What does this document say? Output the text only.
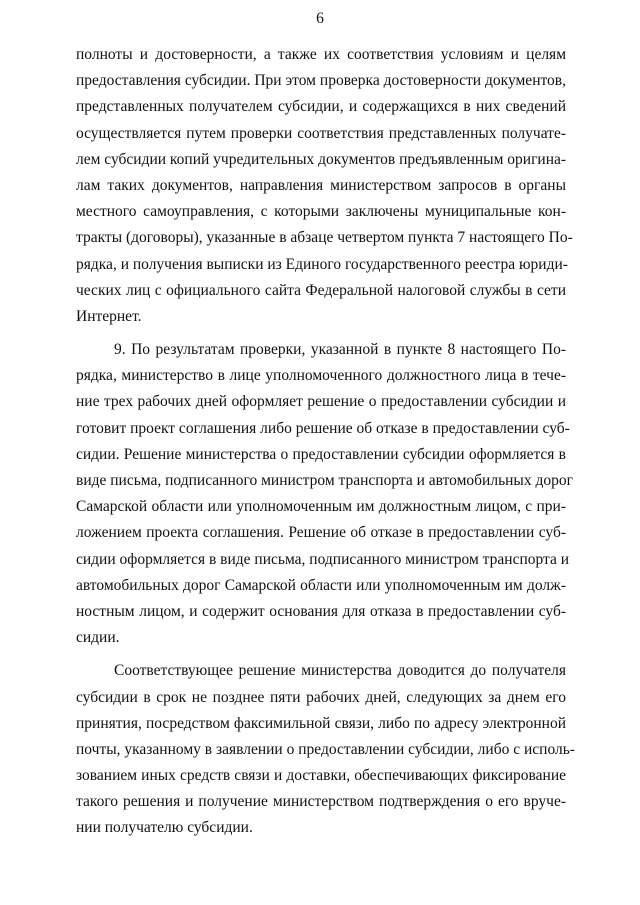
6
полноты и достоверности, а также их соответствия условиям и целям
предоставления субсидии. При этом проверка достоверности документов,
представленных получателем субсидии, и содержащихся в них сведений
осуществляется путем проверки соответствия представленных получате-
лем субсидии копий учредительных документов предъявленным оригина-
лам таких документов, направления министерством запросов в органы
местного самоуправления, с которыми заключены муниципальные кон-
тракты (договоры), указанные в абзаце четвертом пункта 7 настоящего По-
рядка, и получения выписки из Единого государственного реестра юриди-
ческих лиц с официального сайта Федеральной налоговой службы в сети
Интернет.
9. По результатам проверки, указанной в пункте 8 настоящего По-
рядка, министерство в лице уполномоченного должностного лица в тече-
ние трех рабочих дней оформляет решение о предоставлении субсидии и
готовит проект соглашения либо решение об отказе в предоставлении суб-
сидии. Решение министерства о предоставлении субсидии оформляется в
виде письма, подписанного министром транспорта и автомобильных дорог
Самарской области или уполномоченным им должностным лицом, с при-
ложением проекта соглашения. Решение об отказе в предоставлении суб-
сидии оформляется в виде письма, подписанного министром транспорта и
автомобильных дорог Самарской области или уполномоченным им долж-
ностным лицом, и содержит основания для отказа в предоставлении суб-
сидии.
Соответствующее решение министерства доводится до получателя
субсидии в срок не позднее пяти рабочих дней, следующих за днем его
принятия, посредством факсимильной связи, либо по адресу электронной
почты, указанному в заявлении о предоставлении субсидии, либо с исполь-
зованием иных средств связи и доставки, обеспечивающих фиксирование
такого решения и получение министерством подтверждения о его вруче-
нии получателю субсидии.
